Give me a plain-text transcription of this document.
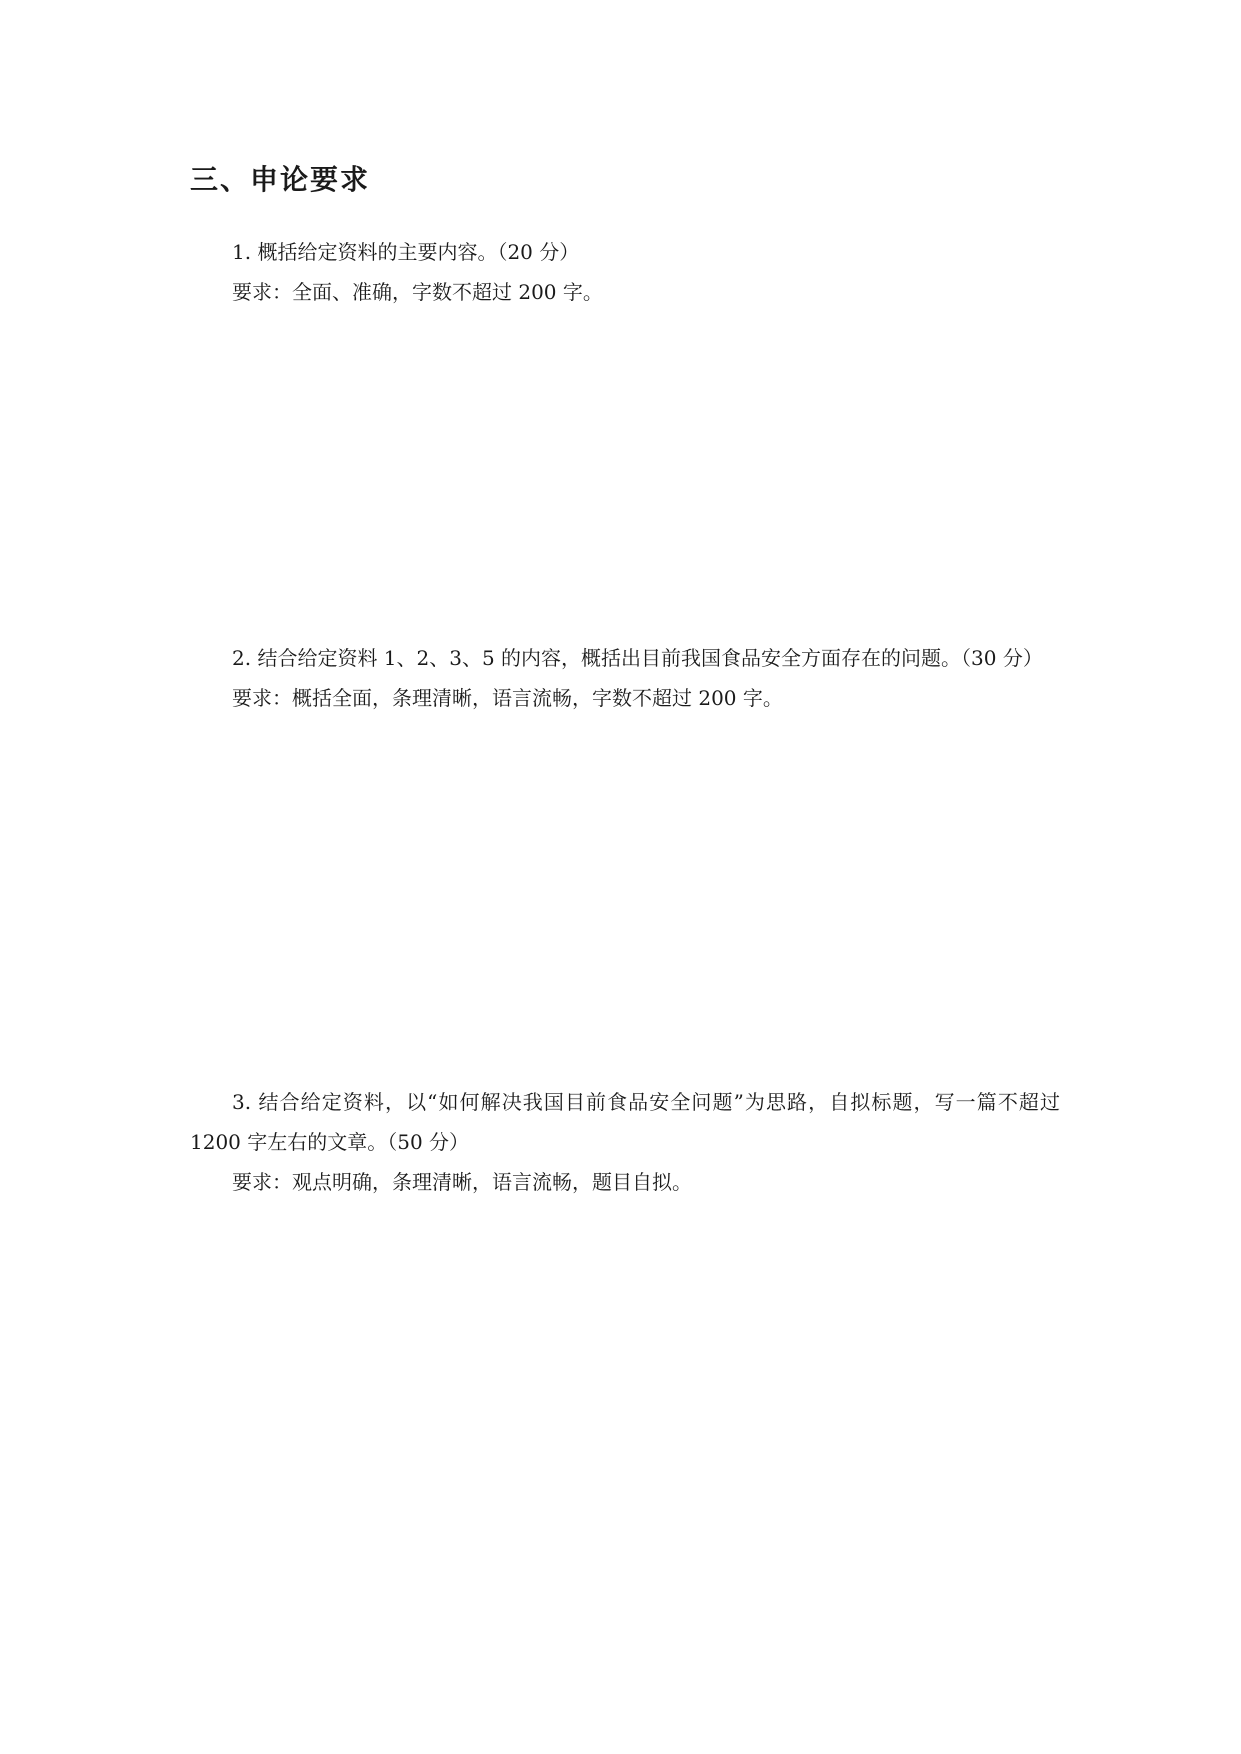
三、申论要求

1. 概括给定资料的主要内容。（20 分）

要求：全面、准确，字数不超过 200 字。

2. 结合给定资料 1、2、3、5 的内容，概括出目前我国食品安全方面存在的问题。（30 分）

要求：概括全面，条理清晰，语言流畅，字数不超过 200 字。

3. 结合给定资料，以“如何解决我国目前食品安全问题”为思路，自拟标题，写一篇不超过 1200 字左右的文章。（50 分）

要求：观点明确，条理清晰，语言流畅，题目自拟。
